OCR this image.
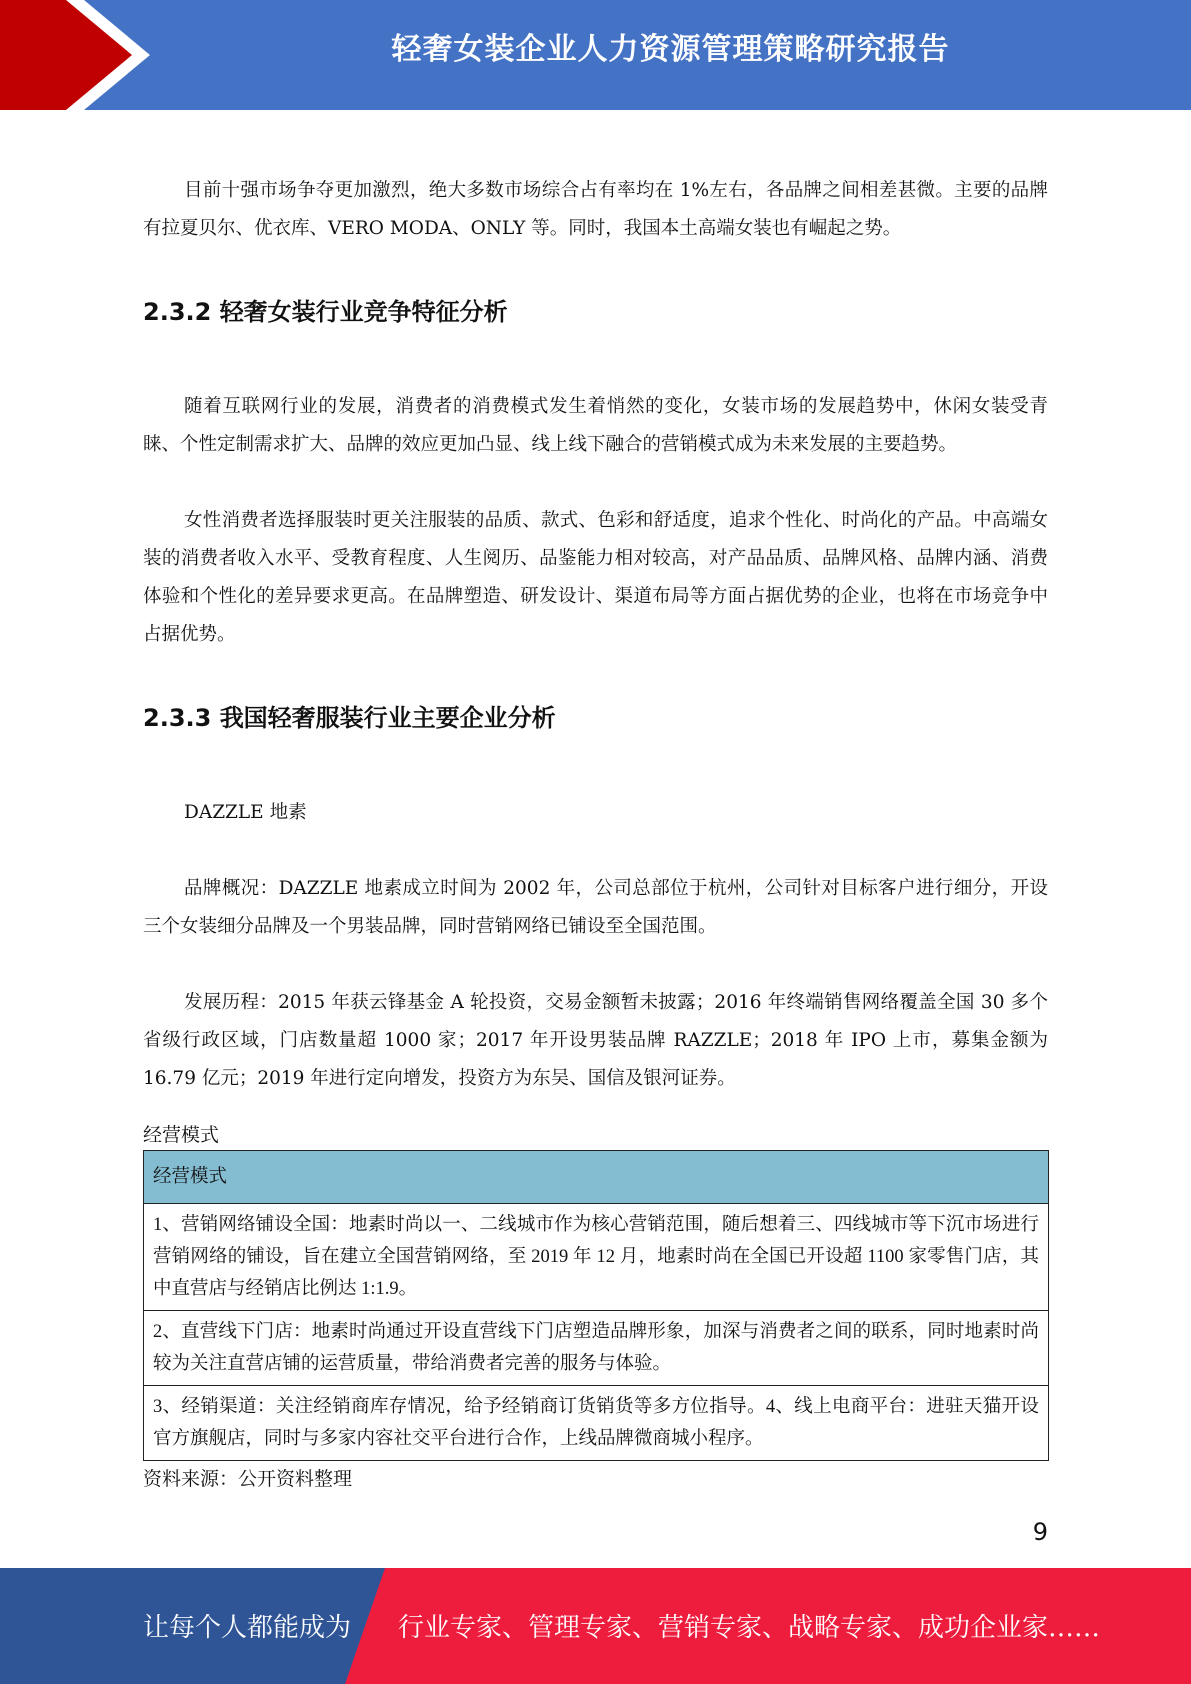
轻奢女装企业人力资源管理策略研究报告

目前十强市场争夺更加激烈，绝大多数市场综合占有率均在 1%左右，各品牌之间相差甚微。主要的品牌有拉夏贝尔、优衣库、VERO MODA、ONLY 等。同时，我国本土高端女装也有崛起之势。

2.3.2 轻奢女装行业竞争特征分析

随着互联网行业的发展，消费者的消费模式发生着悄然的变化，女装市场的发展趋势中，休闲女装受青睐、个性定制需求扩大、品牌的效应更加凸显、线上线下融合的营销模式成为未来发展的主要趋势。

女性消费者选择服装时更关注服装的品质、款式、色彩和舒适度，追求个性化、时尚化的产品。中高端女装的消费者收入水平、受教育程度、人生阅历、品鉴能力相对较高，对产品品质、品牌风格、品牌内涵、消费体验和个性化的差异要求更高。在品牌塑造、研发设计、渠道布局等方面占据优势的企业，也将在市场竞争中占据优势。

2.3.3 我国轻奢服装行业主要企业分析

DAZZLE 地素

品牌概况：DAZZLE 地素成立时间为 2002 年，公司总部位于杭州，公司针对目标客户进行细分，开设三个女装细分品牌及一个男装品牌，同时营销网络已铺设至全国范围。

发展历程：2015 年获云锋基金 A 轮投资，交易金额暂未披露；2016 年终端销售网络覆盖全国 30 多个省级行政区域，门店数量超 1000 家；2017 年开设男装品牌 RAZZLE；2018 年 IPO 上市，募集金额为 16.79 亿元；2019 年进行定向增发，投资方为东吴、国信及银河证券。

经营模式

经营模式
1、营销网络铺设全国：地素时尚以一、二线城市作为核心营销范围，随后想着三、四线城市等下沉市场进行营销网络的铺设，旨在建立全国营销网络，至 2019 年 12 月，地素时尚在全国已开设超 1100 家零售门店，其中直营店与经销店比例达 1:1.9。
2、直营线下门店：地素时尚通过开设直营线下门店塑造品牌形象，加深与消费者之间的联系，同时地素时尚较为关注直营店铺的运营质量，带给消费者完善的服务与体验。
3、经销渠道：关注经销商库存情况，给予经销商订货销货等多方位指导。4、线上电商平台：进驻天猫开设官方旗舰店，同时与多家内容社交平台进行合作，上线品牌微商城小程序。

资料来源：公开资料整理

9
让每个人都能成为 行业专家、管理专家、营销专家、战略专家、成功企业家……
